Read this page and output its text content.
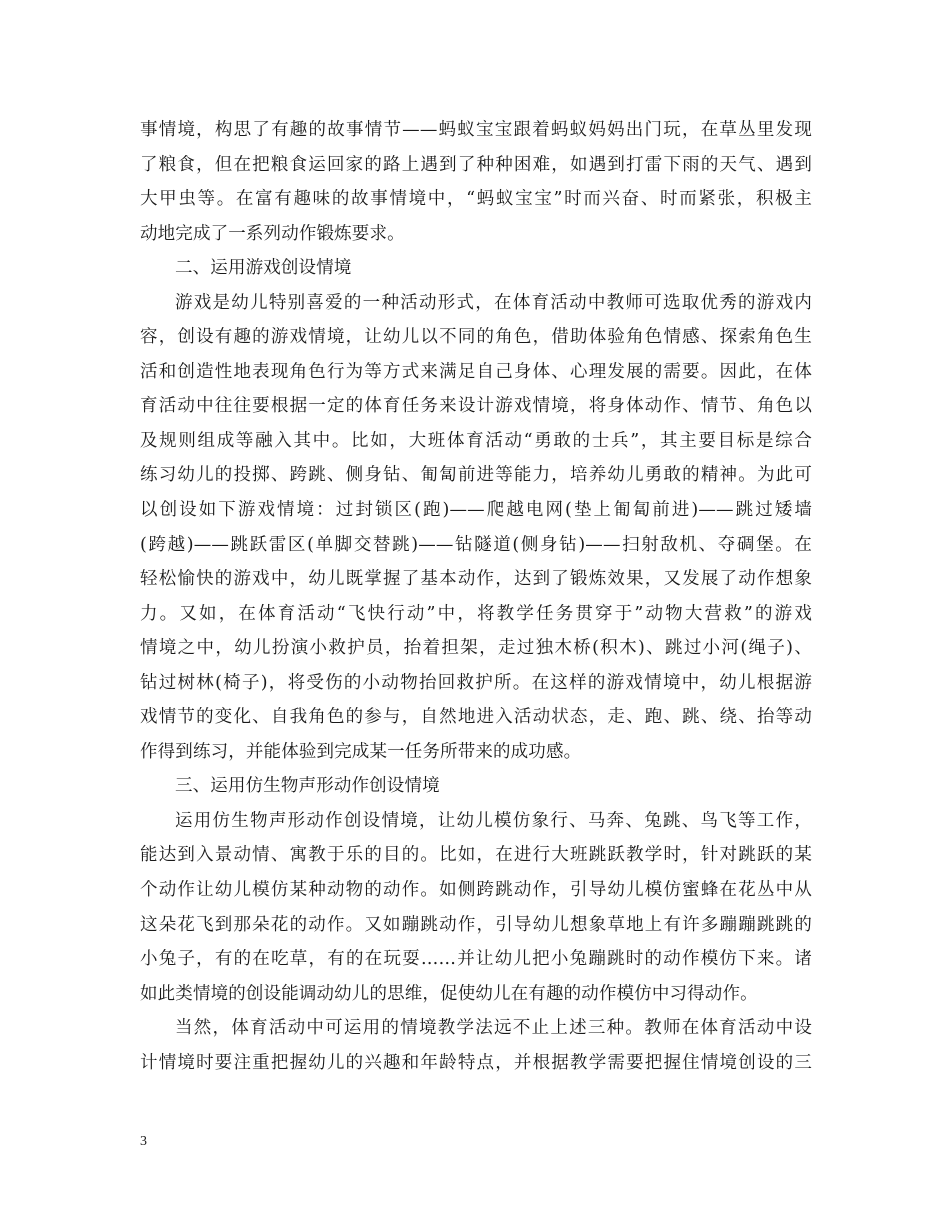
事情境，构思了有趣的故事情节——蚂蚁宝宝跟着蚂蚁妈妈出门玩，在草丛里发现
了粮食，但在把粮食运回家的路上遇到了种种困难，如遇到打雷下雨的天气、遇到
大甲虫等。在富有趣味的故事情境中，“蚂蚁宝宝”时而兴奋、时而紧张，积极主
动地完成了一系列动作锻炼要求。
二、运用游戏创设情境
游戏是幼儿特别喜爱的一种活动形式，在体育活动中教师可选取优秀的游戏内
容，创设有趣的游戏情境，让幼儿以不同的角色，借助体验角色情感、探索角色生
活和创造性地表现角色行为等方式来满足自己身体、心理发展的需要。因此，在体
育活动中往往要根据一定的体育任务来设计游戏情境，将身体动作、情节、角色以
及规则组成等融入其中。比如，大班体育活动“勇敢的士兵”，其主要目标是综合
练习幼儿的投掷、跨跳、侧身钻、匍匐前进等能力，培养幼儿勇敢的精神。为此可
以创设如下游戏情境：过封锁区(跑)——爬越电网(垫上匍匐前进)——跳过矮墙
(跨越)——跳跃雷区(单脚交替跳)——钻隧道(侧身钻)——扫射敌机、夺碉堡。在
轻松愉快的游戏中，幼儿既掌握了基本动作，达到了锻炼效果，又发展了动作想象
力。又如，在体育活动“飞快行动”中，将教学任务贯穿于”动物大营救”的游戏
情境之中，幼儿扮演小救护员，抬着担架，走过独木桥(积木)、跳过小河(绳子)、
钻过树林(椅子)，将受伤的小动物抬回救护所。在这样的游戏情境中，幼儿根据游
戏情节的变化、自我角色的参与，自然地进入活动状态，走、跑、跳、绕、抬等动
作得到练习，并能体验到完成某一任务所带来的成功感。
三、运用仿生物声形动作创设情境
运用仿生物声形动作创设情境，让幼儿模仿象行、马奔、兔跳、鸟飞等工作，
能达到入景动情、寓教于乐的目的。比如，在进行大班跳跃教学时，针对跳跃的某
个动作让幼儿模仿某种动物的动作。如侧跨跳动作，引导幼儿模仿蜜蜂在花丛中从
这朵花飞到那朵花的动作。又如蹦跳动作，引导幼儿想象草地上有许多蹦蹦跳跳的
小兔子，有的在吃草，有的在玩耍……并让幼儿把小兔蹦跳时的动作模仿下来。诸
如此类情境的创设能调动幼儿的思维，促使幼儿在有趣的动作模仿中习得动作。
当然，体育活动中可运用的情境教学法远不止上述三种。教师在体育活动中设
计情境时要注重把握幼儿的兴趣和年龄特点，并根据教学需要把握住情境创设的三
3
